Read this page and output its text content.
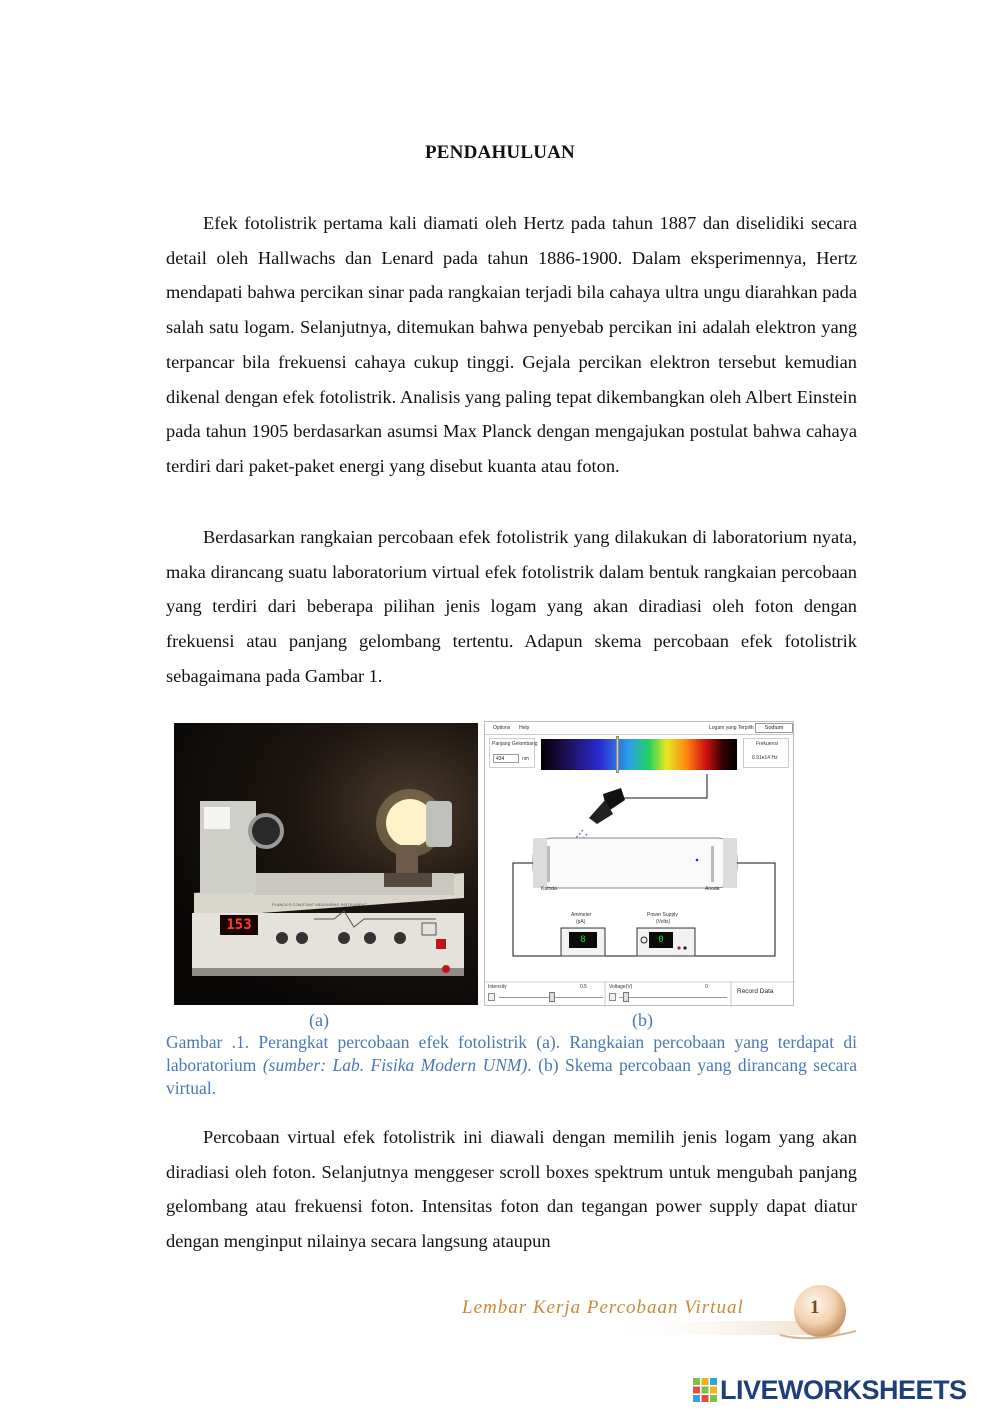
PENDAHULUAN

Efek fotolistrik pertama kali diamati oleh Hertz pada tahun 1887 dan diselidiki secara detail oleh Hallwachs dan Lenard pada tahun 1886-1900. Dalam eksperimennya, Hertz mendapati bahwa percikan sinar pada rangkaian terjadi bila cahaya ultra ungu diarahkan pada salah satu logam. Selanjutnya, ditemukan bahwa penyebab percikan ini adalah elektron yang terpancar bila frekuensi cahaya cukup tinggi. Gejala percikan elektron tersebut kemudian dikenal dengan efek fotolistrik. Analisis yang paling tepat dikembangkan oleh Albert Einstein pada tahun 1905 berdasarkan asumsi Max Planck dengan mengajukan postulat bahwa cahaya terdiri dari paket-paket energi yang disebut kuanta atau foton.

Berdasarkan rangkaian percobaan efek fotolistrik yang dilakukan di laboratorium nyata, maka dirancang suatu laboratorium virtual efek fotolistrik dalam bentuk rangkaian percobaan yang terdiri dari beberapa pilihan jenis logam yang akan diradiasi oleh foton dengan frekuensi atau panjang gelombang tertentu. Adapun skema percobaan efek fotolistrik sebagaimana pada Gambar 1.

153
PLANCK'S CONSTANT MEASURING INSTRUMENT
Options Help	Logam yang Terpilih	Sodium
Panjang Gelombang
434	nm
Frekuensi
6.91e14 Hz
Katoda	Anoda
Ammeter
(pA)
8
Power Supply
(Volts)
0
Intensity	0.5	Voltage(V)	0
Record Data
(a)	(b)
Gambar .1. Perangkat percobaan efek fotolistrik (a). Rangkaian percobaan yang terdapat di laboratorium (sumber: Lab. Fisika Modern UNM). (b) Skema percobaan yang dirancang secara virtual.

Percobaan virtual efek fotolistrik ini diawali dengan memilih jenis logam yang akan diradiasi oleh foton. Selanjutnya menggeser scroll boxes spektrum untuk mengubah panjang gelombang atau frekuensi foton. Intensitas foton dan tegangan power supply dapat diatur dengan menginput nilainya secara langsung ataupun

Lembar Kerja Percobaan Virtual	1
LIVEWORKSHEETS
